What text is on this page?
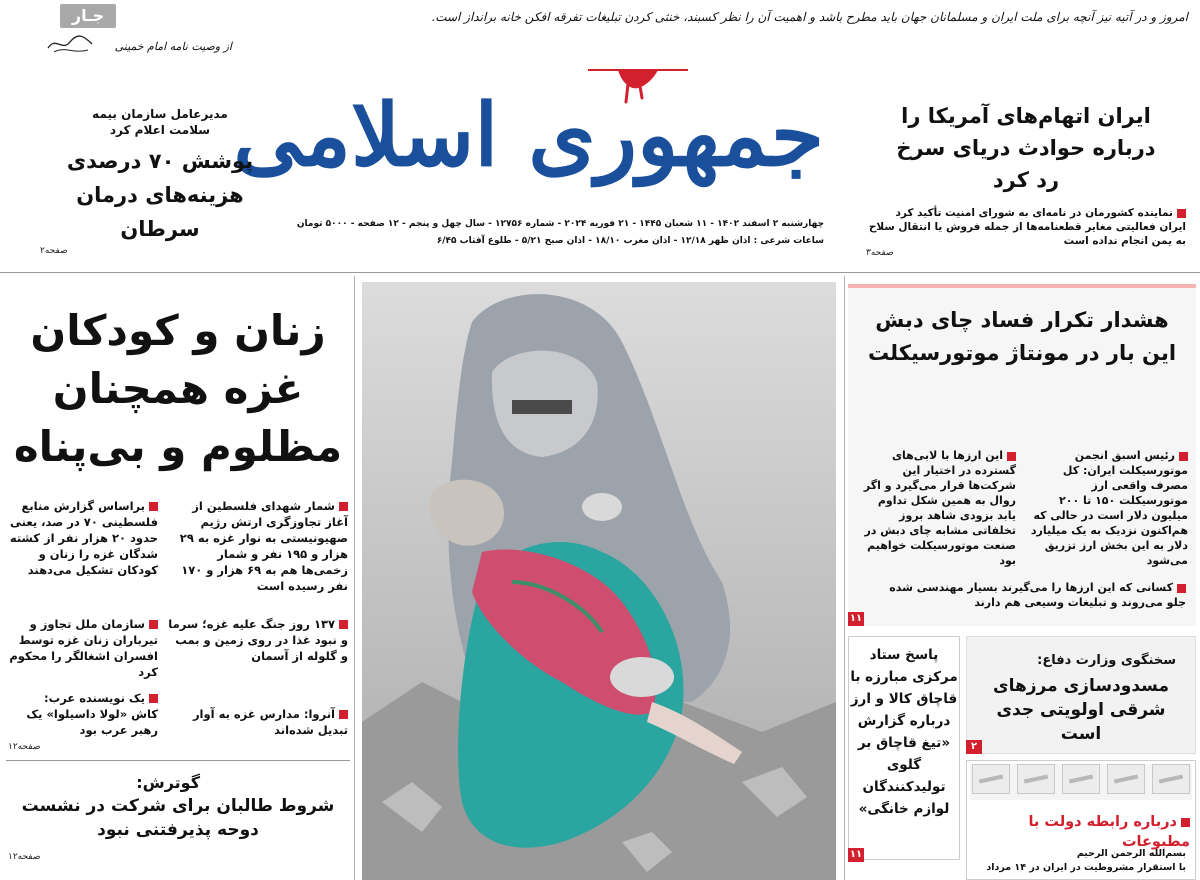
جـار	امروز و در آتیه نیز آنچه برای ملت ایران و مسلمانان جهان باید مطرح باشد و اهمیت آن را نظر کسبند، خنثی کردن تبلیغات تفرقه افکن خانه برانداز است.
از وصیت نامه امام خمینی
جمهوری اسلامی
چهارشنبه ۲ اسفند ۱۴۰۲ - ۱۱ شعبان ۱۴۴۵ - ۲۱ فوریه ۲۰۲۴ - شماره ۱۲۷۵۶ - سال چهل و پنجم - ۱۲ صفحه - ۵۰۰۰ تومان
ساعات شرعی : اذان ظهر ۱۲/۱۸ - اذان مغرب ۱۸/۱۰ - اذان صبح ۵/۲۱ - طلوع آفتاب ۶/۴۵
ایران اتهام‌های آمریکا را درباره حوادث دریای سرخ رد کرد
نماینده کشورمان در نامه‌ای به شورای امنیت تأکید کرد ایران فعالیتی مغایر قطعنامه‌ها از جمله فروش یا انتقال سلاح به یمن انجام نداده است
صفحه۳
مدیرعامل سازمان بیمه سلامت اعلام کرد
پوشش ۷۰ درصدی هزینه‌های درمان سرطان
صفحه۲
زنان و کودکان غزه همچنان مظلوم و بی‌پناه
براساس گزارش منابع فلسطینی ۷۰ در صد، یعنی حدود ۲۰ هزار نفر از کشته شدگان غزه را زنان و کودکان تشکیل می‌دهند
شمار شهدای فلسطین از آغاز تجاوزگری ارتش رژیم صهیونیستی به نوار غزه به ۲۹ هزار و ۱۹۵ نفر و شمار زخمی‌ها هم به ۶۹ هزار و ۱۷۰ نفر رسیده است
سازمان ملل تجاوز و تیرباران زنان غزه توسط افسران اشغالگر را محکوم کرد
۱۳۷ روز جنگ علیه غزه؛ سرما و نبود غذا در روی زمین و بمب و گلوله از آسمان
یک نویسنده عرب:
کاش «لولا داسیلوا» یک رهبر عرب بود
آنروا: مدارس غزه به آوار تبدیل شده‌اند
صفحه۱۲
گوترش:
شروط طالبان برای شرکت در نشست دوحه پذیرفتنی نبود
صفحه۱۲
هشدار تکرار فساد چای دبش این بار در مونتاژ موتورسیکلت
رئیس اسبق انجمن موتورسیکلت ایران: کل مصرف واقعی ارز موتورسیکلت ۱۵۰ تا ۲۰۰ میلیون دلار است در حالی که هم‌اکنون نزدیک به یک میلیارد دلار به این بخش ارز تزریق می‌شود
این ارزها با لابی‌های گسترده در اختیار این شرکت‌ها قرار می‌گیرد و اگر روال به همین شکل تداوم یابد بزودی شاهد بروز تخلفاتی مشابه چای دبش در صنعت موتورسیکلت خواهیم بود
کسانی که این ارزها را می‌گیرند بسیار مهندسی شده جلو می‌روند و تبلیغات وسیعی هم دارند
۱۱
پاسخ ستاد مرکزی مبارزه با قاچاق کالا و ارز درباره گزارش «تیغ قاچاق بر گلوی تولیدکنندگان لوازم خانگی»
۱۱
سخنگوی وزارت دفاع:
مسدودسازی مرزهای شرقی اولویتی جدی است
۲

درباره رابطه دولت با مطبوعات
بسم‌الله الرحمن الرحیم
با استقرار مشروطیت در ایران در ۱۴ مرداد
